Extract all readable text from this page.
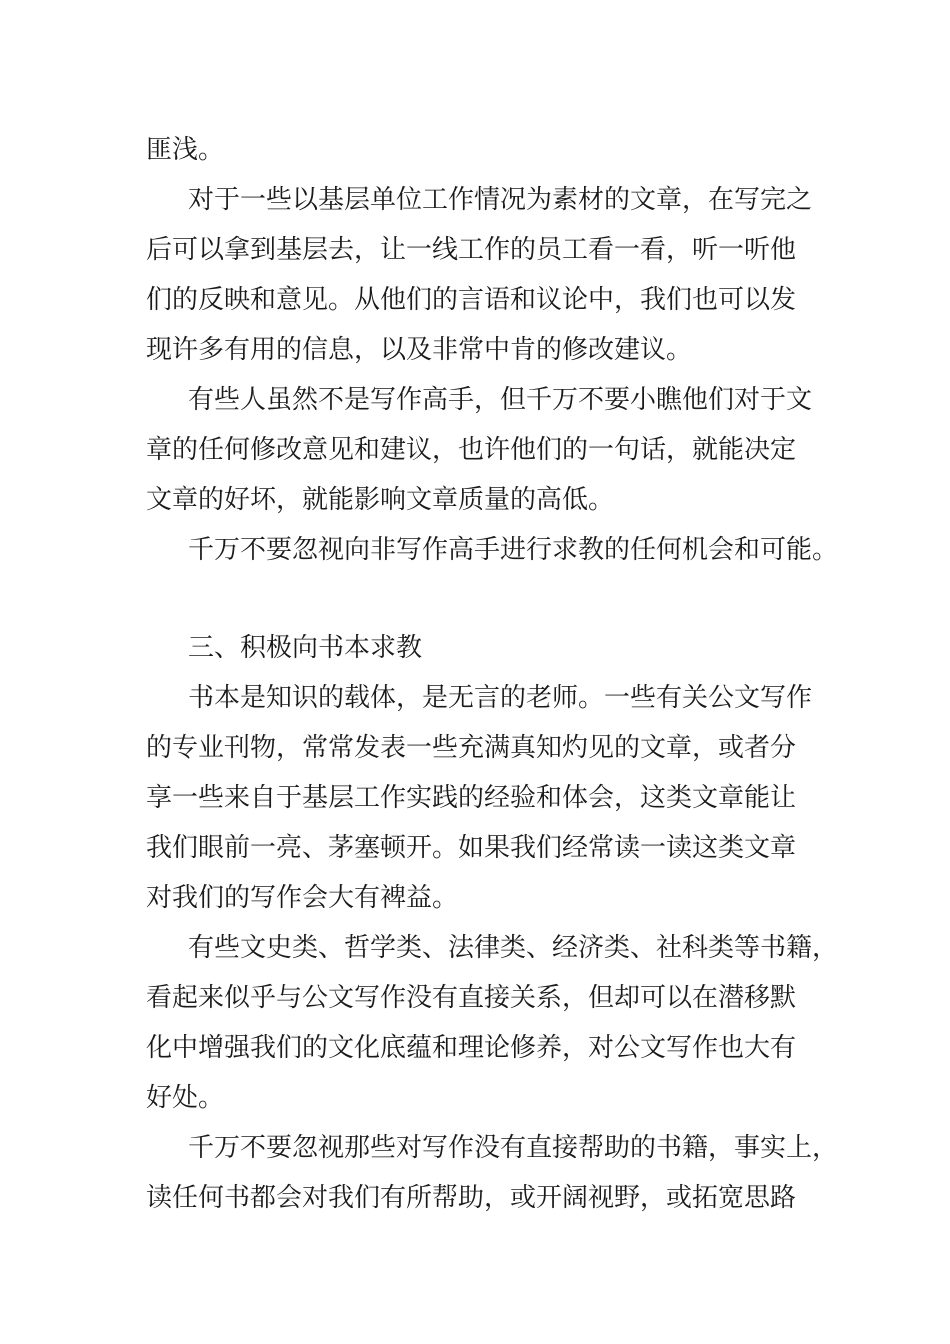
匪浅。
对于一些以基层单位工作情况为素材的文章，在写完之
后可以拿到基层去，让一线工作的员工看一看，听一听他
们的反映和意见。从他们的言语和议论中，我们也可以发
现许多有用的信息，以及非常中肯的修改建议。
有些人虽然不是写作高手，但千万不要小瞧他们对于文
章的任何修改意见和建议，也许他们的一句话，就能决定
文章的好坏，就能影响文章质量的高低。
千万不要忽视向非写作高手进行求教的任何机会和可能。
三、积极向书本求教
书本是知识的载体，是无言的老师。一些有关公文写作
的专业刊物，常常发表一些充满真知灼见的文章，或者分
享一些来自于基层工作实践的经验和体会，这类文章能让
我们眼前一亮、茅塞顿开。如果我们经常读一读这类文章
对我们的写作会大有裨益。
有些文史类、哲学类、法律类、经济类、社科类等书籍，
看起来似乎与公文写作没有直接关系，但却可以在潜移默
化中增强我们的文化底蕴和理论修养，对公文写作也大有
好处。
千万不要忽视那些对写作没有直接帮助的书籍，事实上，
读任何书都会对我们有所帮助，或开阔视野，或拓宽思路
